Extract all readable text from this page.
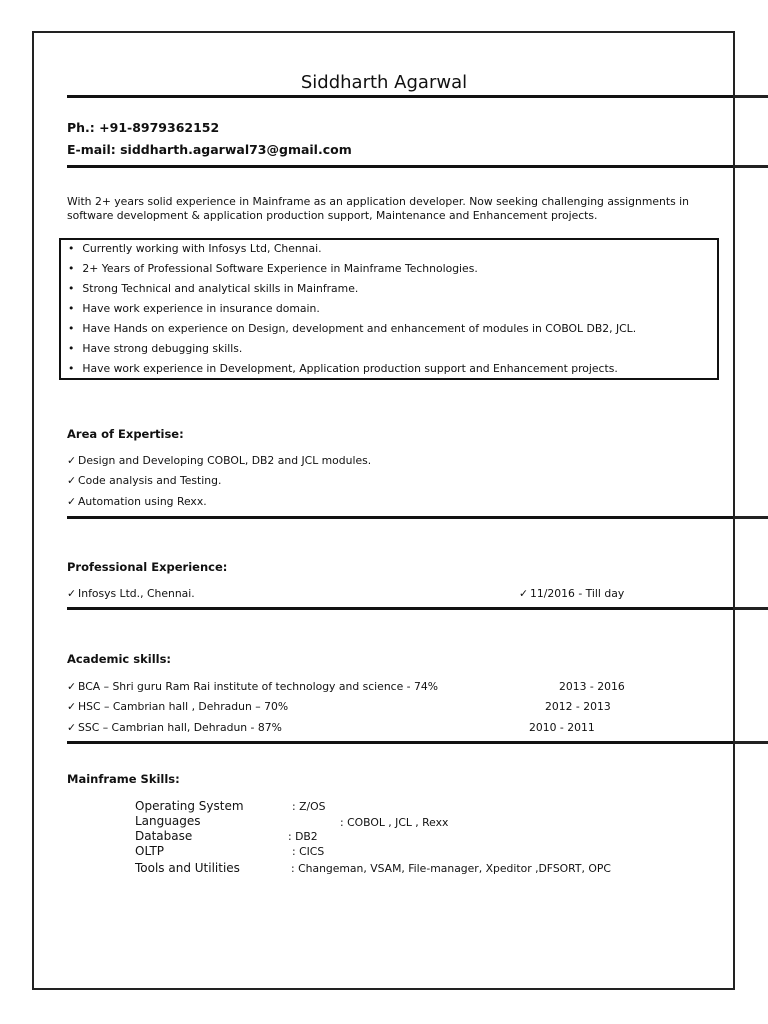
Siddharth Agarwal
Ph.: +91-8979362152
E-mail: siddharth.agarwal73@gmail.com
With 2+ years solid experience in Mainframe as an application developer. Now seeking challenging assignments in software development & application production support, Maintenance and Enhancement projects.
• Currently working with Infosys Ltd, Chennai.
• 2+ Years of Professional Software Experience in Mainframe Technologies.
• Strong Technical and analytical skills in Mainframe.
• Have work experience in insurance domain.
• Have Hands on experience on Design, development and enhancement of modules in COBOL DB2, JCL.
• Have strong debugging skills.
• Have work experience in Development, Application production support and Enhancement projects.
Area of Expertise:
✓ Design and Developing COBOL, DB2 and JCL modules.
✓ Code analysis and Testing.
✓ Automation using Rexx.
Professional Experience:
✓ Infosys Ltd., Chennai.
✓	11/2016 - Till day
Academic skills:
✓ BCA – Shri guru Ram Rai institute of technology and science - 74%	2013 - 2016
✓ HSC – Cambrian hall , Dehradun – 70%	2012 - 2013
✓ SSC – Cambrian hall, Dehradun - 87%	2010 - 2011
Mainframe Skills:
Operating System	: Z/OS
Languages	: COBOL , JCL , Rexx
Database	: DB2
OLTP	: CICS
Tools and Utilities	: Changeman, VSAM, File-manager, Xpeditor ,DFSORT, OPC
